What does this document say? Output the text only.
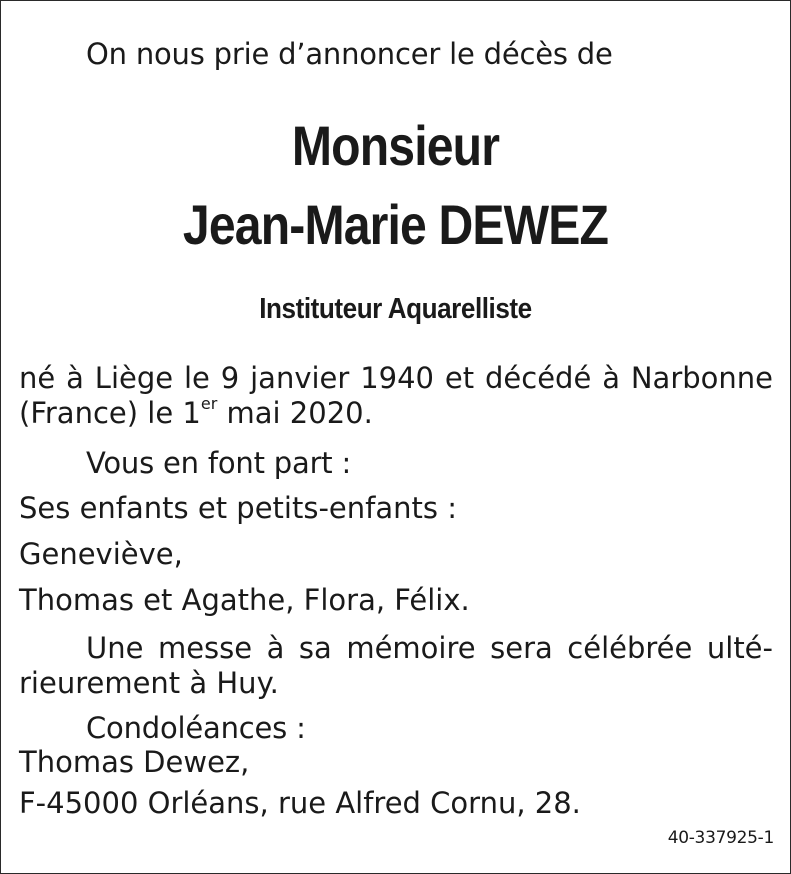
On nous prie d’annoncer le décès de
Monsieur
Jean-Marie DEWEZ
Instituteur Aquarelliste
né à Liège le 9 janvier 1940 et décédé à Narbonne
(France) le 1er mai 2020.
Vous en font part :
Ses enfants et petits-enfants :
Geneviève,
Thomas et Agathe, Flora, Félix.
Une messe à sa mémoire sera célébrée ulté-
rieurement à Huy.
Condoléances :
Thomas Dewez,
F-45000 Orléans, rue Alfred Cornu, 28.
40-337925-1
